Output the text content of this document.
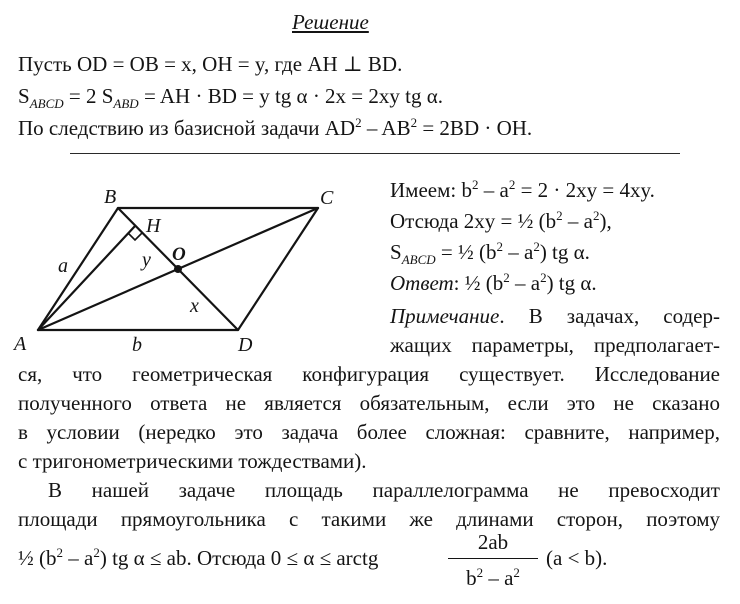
Решение
Пусть OD = OB = x, OH = y, где AH ⊥ BD.
$S_{ABCD} = 2$ $S_{ABD}$ = AH · BD = y tg α · 2x = 2xy tg α.
По следствию из базисной задачи $AD^2 - AB^2 = 2BD$ · OH.
B	C
A	D
H
O
a
b
x
y
Имеем: $b^2 - a^2 = 2 \cdot 2xy = 4xy$.
Отсюда 2xy = ½ $(b^2 - a^2)$,
$S_{ABCD}$ = ½ $(b^2 - a^2)$ tg α.
Ответ: ½ $(b^2 - a^2)$ tg α.
Примечание. В задачах, содер-
жащих параметры, предполагает-
ся, что геометрическая конфигурация существует. Исследование
полученного ответа не является обязательным, если это не сказано
в условии (нередко это задача более сложная: сравните, например,
с тригонометрическими тождествами).
В нашей задаче площадь параллелограмма не превосходит
площади прямоугольника с такими же длинами сторон, поэтому
½ $(b^2 - a^2)$ tg α ≤ ab. Отсюда 0 ≤ α ≤ arctg
2ab
$b^2 - a^2$
(a < b).
